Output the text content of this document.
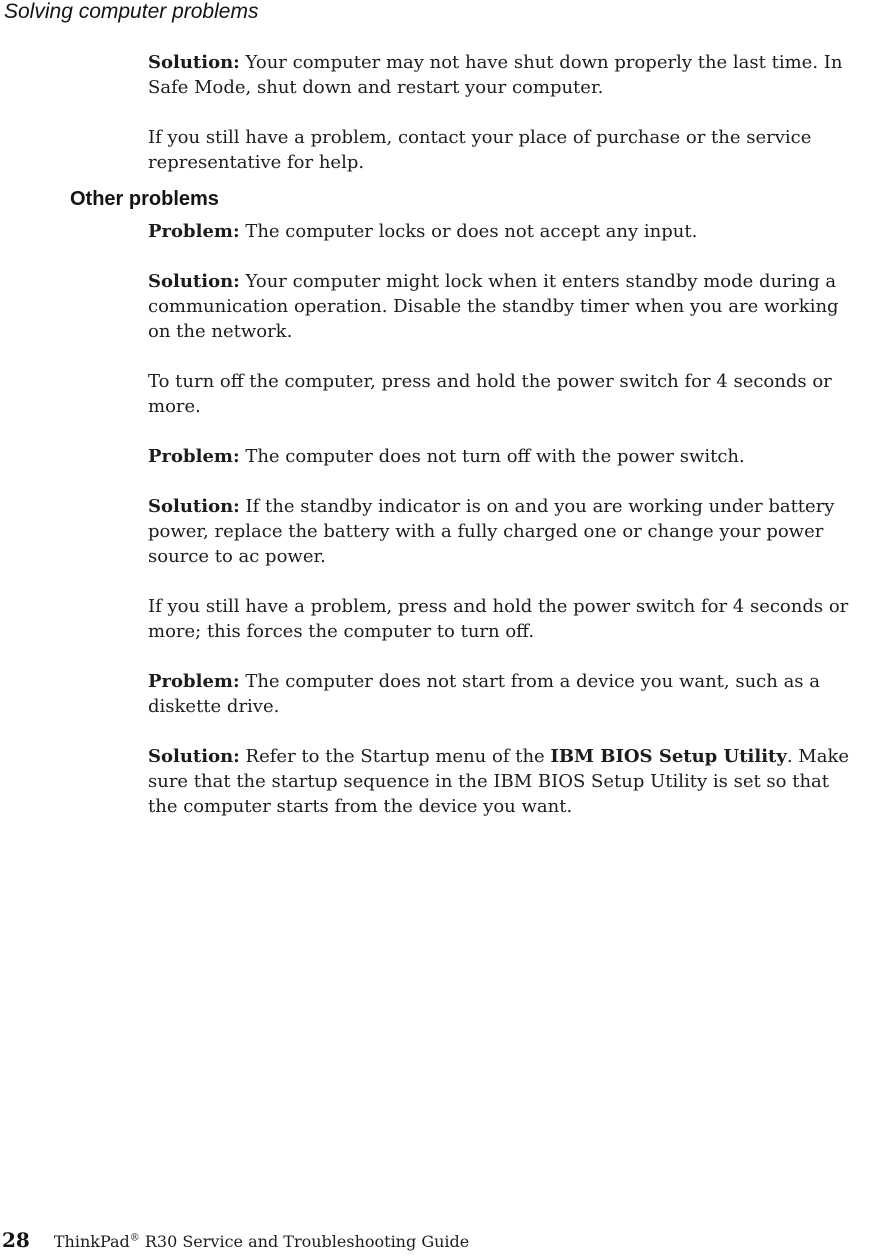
Solving computer problems

Solution: Your computer may not have shut down properly the last time. In Safe Mode, shut down and restart your computer.

If you still have a problem, contact your place of purchase or the service representative for help.

Other problems

Problem: The computer locks or does not accept any input.

Solution: Your computer might lock when it enters standby mode during a communication operation. Disable the standby timer when you are working on the network.

To turn off the computer, press and hold the power switch for 4 seconds or more.

Problem: The computer does not turn off with the power switch.

Solution: If the standby indicator is on and you are working under battery power, replace the battery with a fully charged one or change your power source to ac power.

If you still have a problem, press and hold the power switch for 4 seconds or more; this forces the computer to turn off.

Problem: The computer does not start from a device you want, such as a diskette drive.

Solution: Refer to the Startup menu of the IBM BIOS Setup Utility. Make sure that the startup sequence in the IBM BIOS Setup Utility is set so that the computer starts from the device you want.

28 ThinkPad® R30 Service and Troubleshooting Guide
